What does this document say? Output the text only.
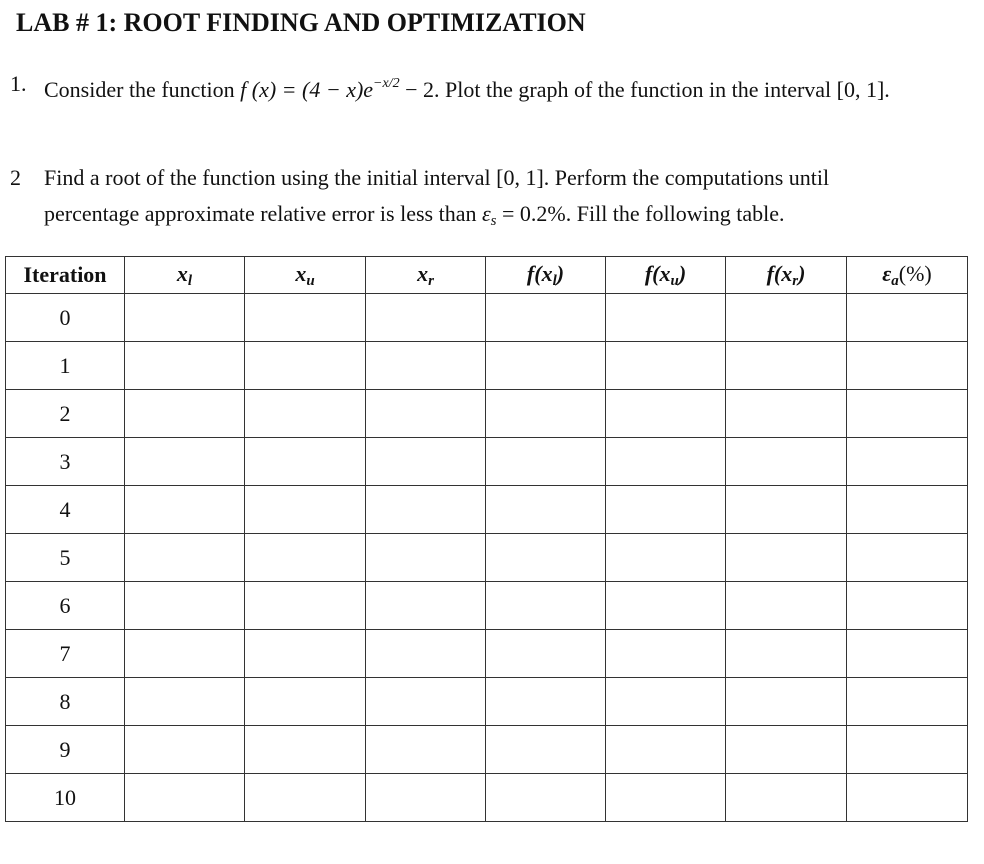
LAB # 1: ROOT FINDING AND OPTIMIZATION
1. Consider the function f $(x) = (4 - x)e^{-x/2} - 2$. Plot the graph of the function in the interval [0, 1].
2	Find a root of the function using the initial interval [0, 1]. Perform the computations until
percentage approximate relative error is less than εs = 0.2%. Fill the following table.
Iteration	xl	xu	xr	f(xl)	f(xu)	f(xr)	εa(%)
0							
1							
2							
3							
4							
5							
6							
7							
8							
9							
10							
